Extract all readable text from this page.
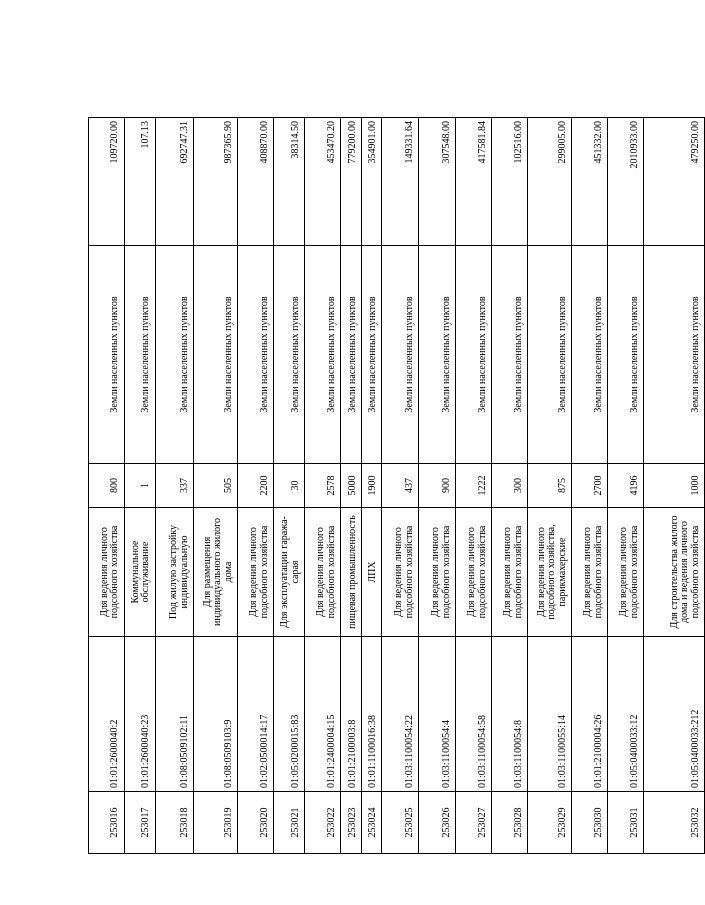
253016	01:01:2600040:2	Для ведения личного подсобного хозяйства	800	Земли населенных пунктов	109720.00
253017	01:01:2600040:23	Коммунальное обслуживание	1	Земли населенных пунктов	107.13
253018	01:08:0509102:11	Под жилую застройку индивидуальную	337	Земли населенных пунктов	692747.31
253019	01:08:0509103:9	Для размещения индивидуального жилого дома	505	Земли населенных пунктов	987365.90
253020	01:02:0500014:17	Для ведения личного подсобного хозяйства	2200	Земли населенных пунктов	408870.00
253021	01:05:0200015:83	Для эксплуатации гаража-сарая	30	Земли населенных пунктов	38314.50
253022	01:01:2400004:15	Для ведения личного подсобного хозяйства	2578	Земли населенных пунктов	453470.20
253023	01:01:2100003:8	пищевая промышленность	5000	Земли населенных пунктов	779200.00
253024	01:01:1100016:38	ЛПХ	1900	Земли населенных пунктов	354901.00
253025	01:03:1100054:22	Для ведения личного подсобного хозяйства	437	Земли населенных пунктов	149331.64
253026	01:03:1100054:4	Для ведения личного подсобного хозяйства	900	Земли населенных пунктов	307548.00
253027	01:03:1100054:58	Для ведения личного подсобного хозяйства	1222	Земли населенных пунктов	417581.84
253028	01:03:1100054:8	Для ведения личного подсобного хозяйства	300	Земли населенных пунктов	102516.00
253029	01:03:1100055:14	Для ведения личного подсобного хозяйства, парикмахерские	875	Земли населенных пунктов	299005.00
253030	01:01:2100004:26	Для ведения личного подсобного хозяйства	2700	Земли населенных пунктов	451332.00
253031	01:05:0400033:12	Для ведения личного подсобного хозяйства	4196	Земли населенных пунктов	2010933.00
253032	01:05:0400033:212	Для строительства жилого дома и ведения личного подсобного хозяйства	1000	Земли населенных пунктов	479250.00
